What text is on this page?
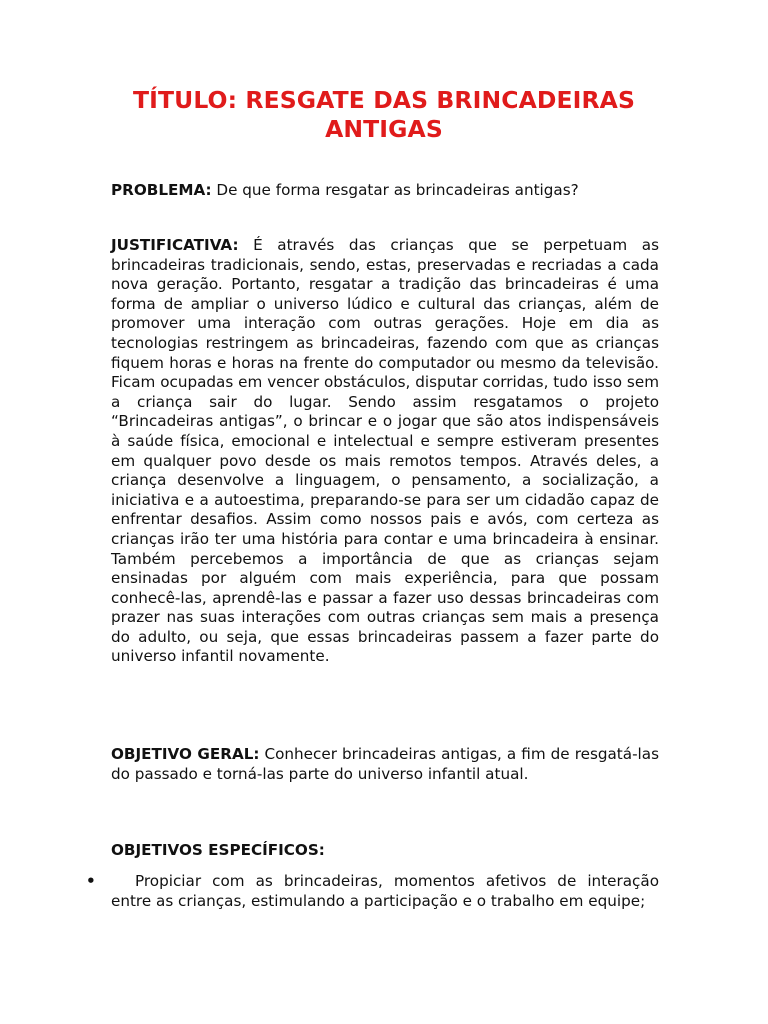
TÍTULO: RESGATE DAS BRINCADEIRAS ANTIGAS

PROBLEMA: De que forma resgatar as brincadeiras antigas?

JUSTIFICATIVA: É através das crianças que se perpetuam as brincadeiras tradicionais, sendo, estas, preservadas e recriadas a cada nova geração. Portanto, resgatar a tradição das brincadeiras é uma forma de ampliar o universo lúdico e cultural das crianças, além de promover uma interação com outras gerações. Hoje em dia as tecnologias restringem as brincadeiras, fazendo com que as crianças fiquem horas e horas na frente do computador ou mesmo da televisão. Ficam ocupadas em vencer obstáculos, disputar corridas, tudo isso sem a criança sair do lugar. Sendo assim resgatamos o projeto “Brincadeiras antigas”, o brincar e o jogar que são atos indispensáveis à saúde física, emocional e intelectual e sempre estiveram presentes em qualquer povo desde os mais remotos tempos. Através deles, a criança desenvolve a linguagem, o pensamento, a socialização, a iniciativa e a autoestima, preparando-se para ser um cidadão capaz de enfrentar desafios. Assim como nossos pais e avós, com certeza as crianças irão ter uma história para contar e uma brincadeira à ensinar. Também percebemos a importância de que as crianças sejam ensinadas por alguém com mais experiência, para que possam conhecê-las, aprendê-las e passar a fazer uso dessas brincadeiras com prazer nas suas interações com outras crianças sem mais a presença do adulto, ou seja, que essas brincadeiras passem a fazer parte do universo infantil novamente.

OBJETIVO GERAL: Conhecer brincadeiras antigas, a fim de resgatá-las do passado e torná-las parte do universo infantil atual.

OBJETIVOS ESPECÍFICOS:

•	Propiciar com as brincadeiras, momentos afetivos de interação entre as crianças, estimulando a participação e o trabalho em equipe;
